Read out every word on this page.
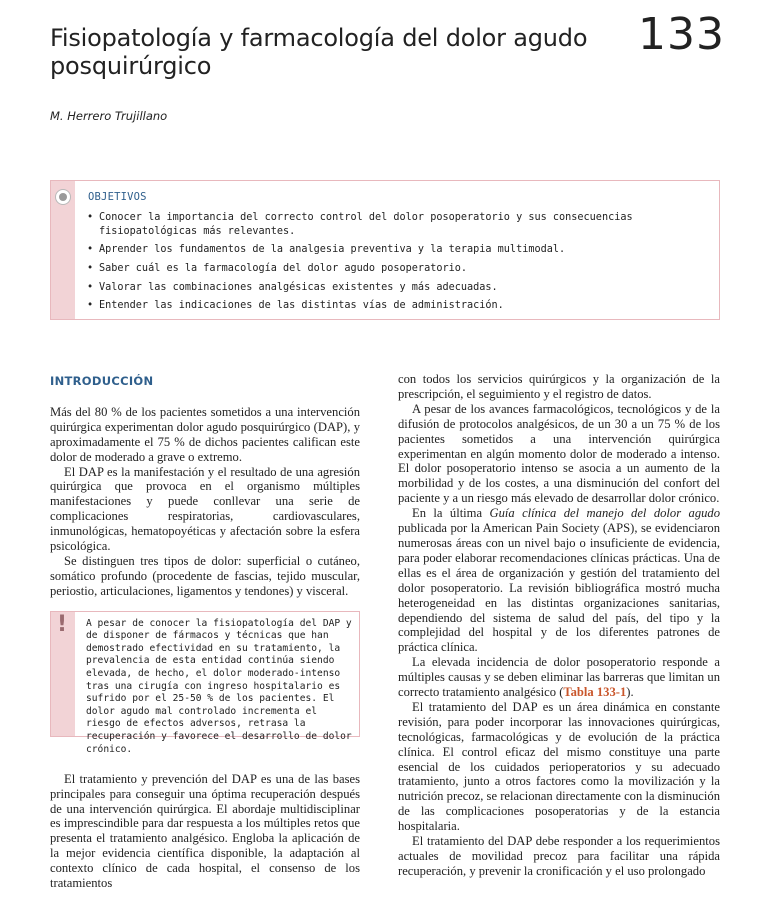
Fisiopatología y farmacología del dolor agudo posquirúrgico
133
M. Herrero Trujillano
OBJETIVOS
• Conocer la importancia del correcto control del dolor posoperatorio y sus consecuencias fisiopatológicas más relevantes.
• Aprender los fundamentos de la analgesia preventiva y la terapia multimodal.
• Saber cuál es la farmacología del dolor agudo posoperatorio.
• Valorar las combinaciones analgésicas existentes y más adecuadas.
• Entender las indicaciones de las distintas vías de administración.
INTRODUCCIÓN

Más del 80 % de los pacientes sometidos a una intervención quirúrgica experimentan dolor agudo posquirúrgico (DAP), y aproximadamente el 75 % de dichos pacientes califican este dolor de moderado a grave o extremo.

El DAP es la manifestación y el resultado de una agresión quirúrgica que provoca en el organismo múltiples manifestaciones y puede conllevar una serie de complicaciones respiratorias, cardiovasculares, inmunológicas, hematopoyéticas y afectación sobre la esfera psicológica.

Se distinguen tres tipos de dolor: superficial o cutáneo, somático profundo (procedente de fascias, tejido muscular, periostio, articulaciones, ligamentos y tendones) y visceral.

! A pesar de conocer la fisiopatología del DAP y de disponer de fármacos y técnicas que han demostrado efectividad en su tratamiento, la prevalencia de esta entidad continúa siendo elevada, de hecho, el dolor moderado-intenso tras una cirugía con ingreso hospitalario es sufrido por el 25-50 % de los pacientes. El dolor agudo mal controlado incrementa el riesgo de efectos adversos, retrasa la recuperación y favorece el desarrollo de dolor crónico.

El tratamiento y prevención del DAP es una de las bases principales para conseguir una óptima recuperación después de una intervención quirúrgica. El abordaje multidisciplinar es imprescindible para dar respuesta a los múltiples retos que presenta el tratamiento analgésico. Engloba la aplicación de la mejor evidencia científica disponible, la adaptación al contexto clínico de cada hospital, el consenso de los tratamientos

con todos los servicios quirúrgicos y la organización de la prescripción, el seguimiento y el registro de datos.

A pesar de los avances farmacológicos, tecnológicos y de la difusión de protocolos analgésicos, de un 30 a un 75 % de los pacientes sometidos a una intervención quirúrgica experimentan en algún momento dolor de moderado a intenso. El dolor posoperatorio intenso se asocia a un aumento de la morbilidad y de los costes, a una disminución del confort del paciente y a un riesgo más elevado de desarrollar dolor crónico.

En la última Guía clínica del manejo del dolor agudo publicada por la American Pain Society (APS), se evidenciaron numerosas áreas con un nivel bajo o insuficiente de evidencia, para poder elaborar recomendaciones clínicas prácticas. Una de ellas es el área de organización y gestión del tratamiento del dolor posoperatorio. La revisión bibliográfica mostró mucha heterogeneidad en las distintas organizaciones sanitarias, dependiendo del sistema de salud del país, del tipo y la complejidad del hospital y de los diferentes patrones de práctica clínica.

La elevada incidencia de dolor posoperatorio responde a múltiples causas y se deben eliminar las barreras que limitan un correcto tratamiento analgésico (Tabla 133-1).

El tratamiento del DAP es un área dinámica en constante revisión, para poder incorporar las innovaciones quirúrgicas, tecnológicas, farmacológicas y de evolución de la práctica clínica. El control eficaz del mismo constituye una parte esencial de los cuidados perioperatorios y su adecuado tratamiento, junto a otros factores como la movilización y la nutrición precoz, se relacionan directamente con la disminución de las complicaciones posoperatorias y de la estancia hospitalaria.

El tratamiento del DAP debe responder a los requerimientos actuales de movilidad precoz para facilitar una rápida recuperación, y prevenir la cronificación y el uso prolongado
